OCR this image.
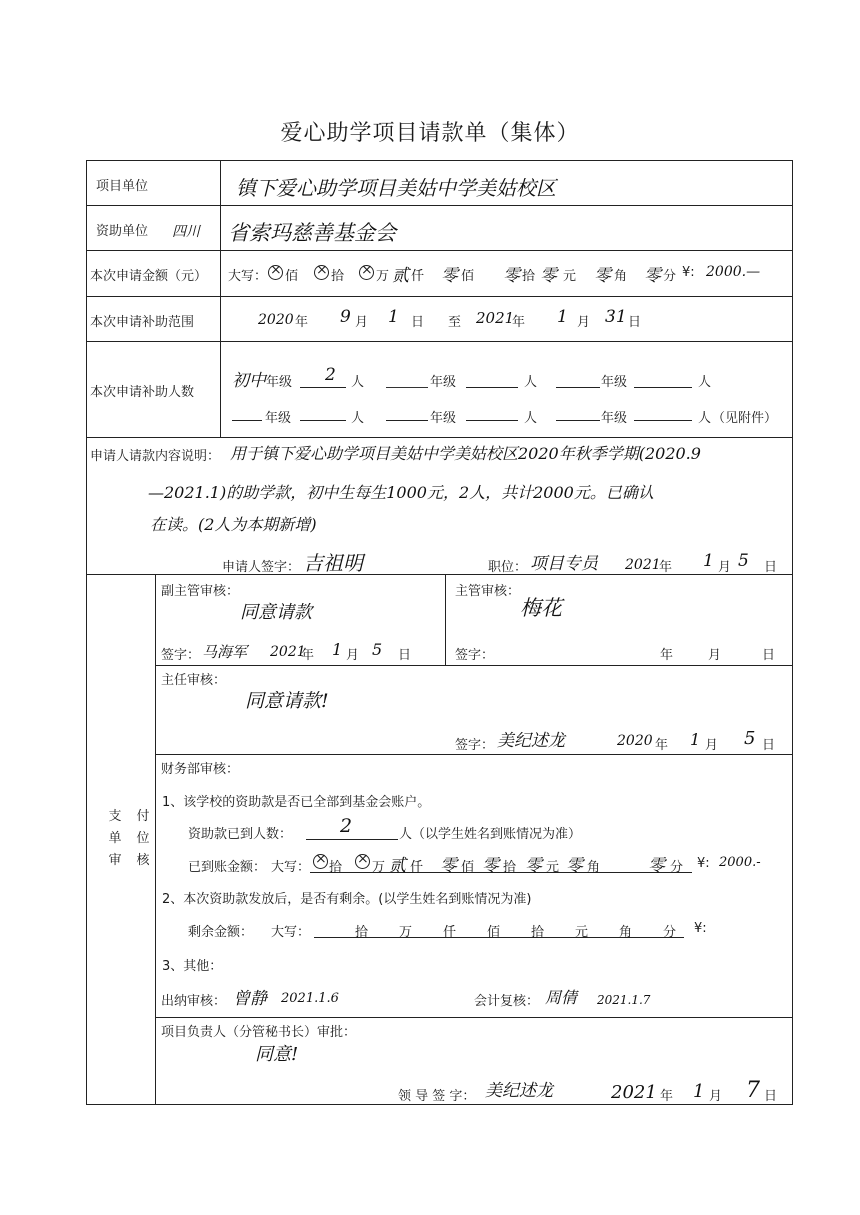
爱心助学项目请款单（集体）
项目单位	镇下爱心助学项目美姑中学美姑校区
资助单位 四川 省索玛慈善基金会
本次申请金额（元） 大写： × 佰 ×	拾 × 万 贰 仟 零 佰 零 拾 零 元 零 角 零 分 ¥: 2000.—
本次申请补助范围	2020 年 9 月 1 日 至 2021
年 1 月 31 日
本次申请补助人数
初中 年级 2 人	年级	人	年级	人
年级	人	年级	人	年级	人 （见附件）
申请人请款内容说明： 用于镇下爱心助学项目美姑中学美姑校区2020年秋季学期(2020.9
—2021.1)的助学款，初中生每生1000元，2人，共计2000元。已确认
在读。(2人为本期新增)
申请人签字： 吉祖明	职位： 项目专员 2021
年 1 月 5 日
支
单
审
付
位
核
副主管审核：
同意请款
签字： 马海军 2021
年 1 月 5 日
主管审核：
梅花
签字：	年	月	日
主任审核：
同意请款!
签字： 美纪述龙	2020 年 1 月 5 日
财务部审核：
1、该学校的资助款是否已全部到基金会账户。
资助款已到人数：	2	人（以学生姓名到账情况为准）
已到账金额： 大写： × 拾 × 万 贰 仟 零 佰 零 拾 零 元 零 角	零 分 ¥: 2000.-
2、本次资助款发放后，是否有剩余。(以学生姓名到账情况为准)
剩余金额： 大写：	拾 万 仟 佰 拾 元 角 分 ¥:
3、其他：
出纳审核： 曾静 2021.1.6	会计复核： 周倩 2021.1.7
项目负责人（分管秘书长）审批：
同意!
领 导 签 字： 美纪述龙	2021 年 1 月 7 日
